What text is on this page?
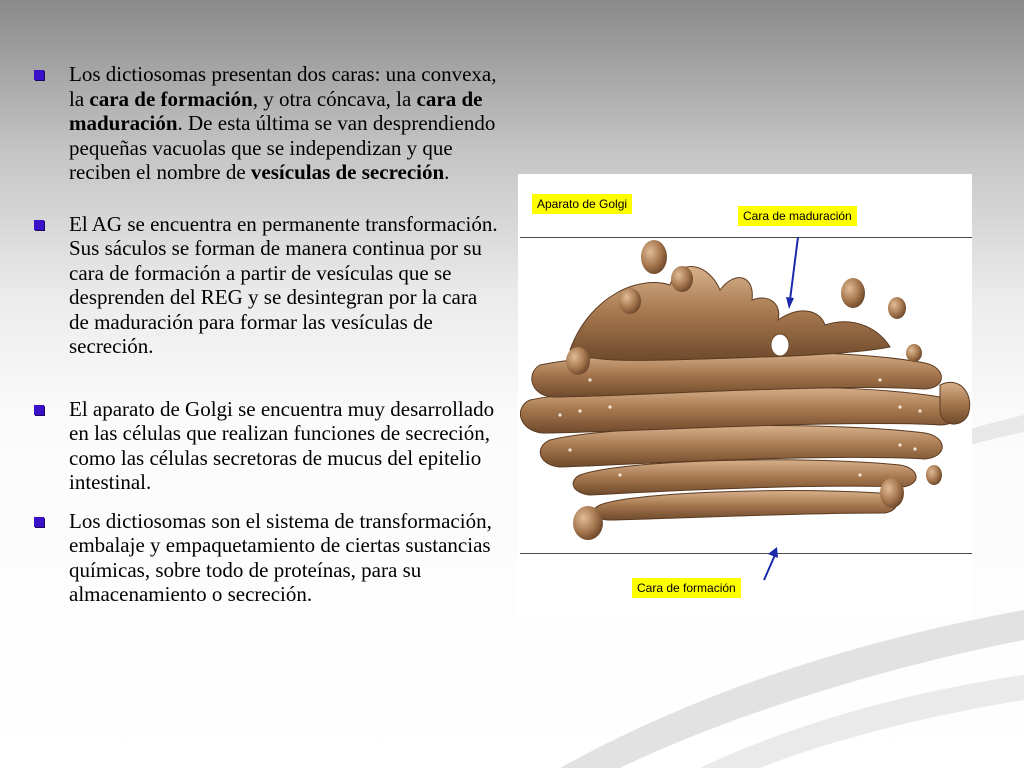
Los dictiosomas presentan dos caras: una convexa, la cara de formación, y otra cóncava, la cara de maduración. De esta última se van desprendiendo pequeñas vacuolas que se independizan y que reciben el nombre de vesículas de secreción.
El AG se encuentra en permanente transformación. Sus sáculos se forman de manera continua por su cara de formación a partir de vesículas que se desprenden del REG y se desintegran por la cara de maduración para formar las vesículas de secreción.
El aparato de Golgi se encuentra muy desarrollado en las células que realizan funciones de secreción, como las células secretoras de mucus del epitelio intestinal.
Los dictiosomas son el sistema de transformación, embalaje y empaquetamiento de ciertas sustancias químicas, sobre todo de proteínas, para su almacenamiento o secreción.
Aparato de Golgi
Cara de maduración
Cara de formación
